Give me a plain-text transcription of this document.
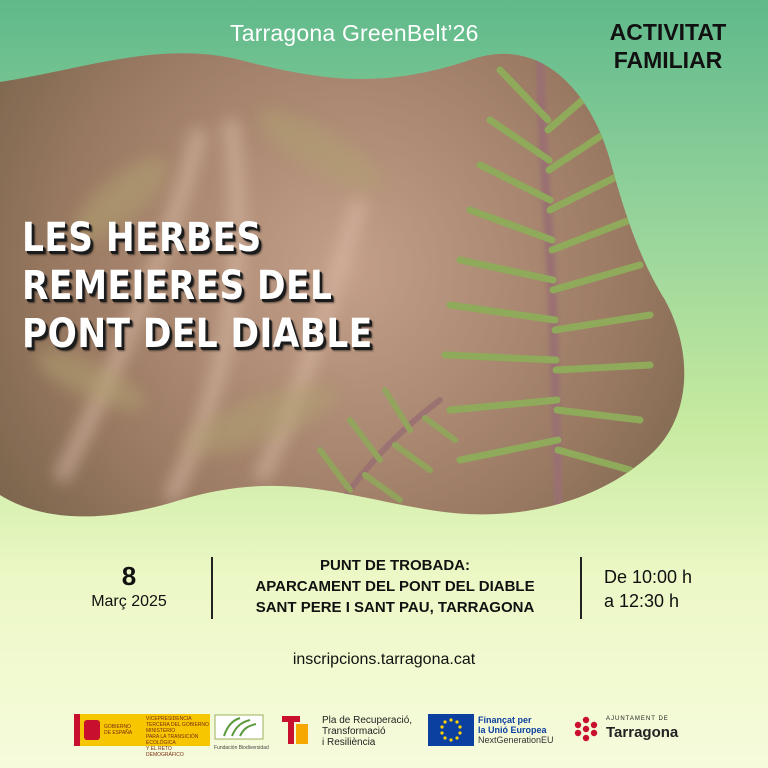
Tarragona GreenBelt’26	ACTIVITAT
FAMILIAR
LES HERBES
REMEIERES DEL
PONT DEL DIABLE
8
Març 2025
PUNT DE TROBADA:
APARCAMENT DEL PONT DEL DIABLE
SANT PERE I SANT PAU, TARRAGONA
De 10:00 h
a 12:30 h
inscripcions.tarragona.cat
GOBIERNO
DE ESPAÑA
VICEPRESIDENCIA
TERCERA DEL GOBIERNO
MINISTERIO
PARA LA TRANSICIÓN ECOLÓGICA
Y EL RETO DEMOGRÁFICO
Fundación Biodiversidad
Pla de Recuperació,
Transformació
i Resiliència
Finançat per
la Unió Europea
NextGenerationEU
AJUNTAMENT DE
Tarragona
